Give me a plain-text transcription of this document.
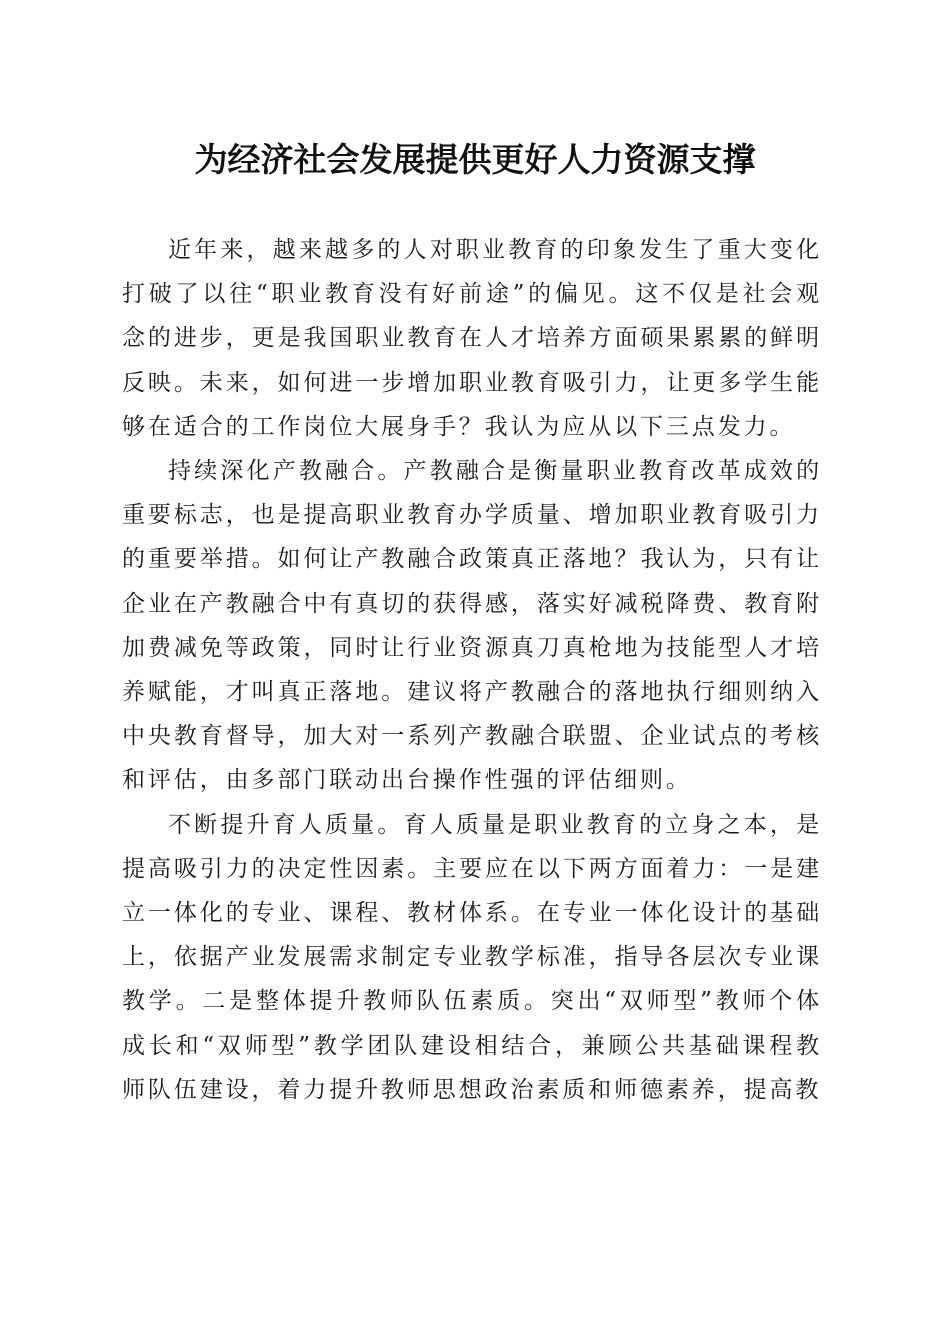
为经济社会发展提供更好人力资源支撑

近年来，越来越多的人对职业教育的印象发生了重大变化打破了以往“职业教育没有好前途”的偏见。这不仅是社会观念的进步，更是我国职业教育在人才培养方面硕果累累的鲜明反映。未来，如何进一步增加职业教育吸引力，让更多学生能够在适合的工作岗位大展身手？我认为应从以下三点发力。

持续深化产教融合。产教融合是衡量职业教育改革成效的重要标志，也是提高职业教育办学质量、增加职业教育吸引力的重要举措。如何让产教融合政策真正落地？我认为，只有让企业在产教融合中有真切的获得感，落实好减税降费、教育附加费减免等政策，同时让行业资源真刀真枪地为技能型人才培养赋能，才叫真正落地。建议将产教融合的落地执行细则纳入中央教育督导，加大对一系列产教融合联盟、企业试点的考核和评估，由多部门联动出台操作性强的评估细则。

不断提升育人质量。育人质量是职业教育的立身之本，是提高吸引力的决定性因素。主要应在以下两方面着力：一是建立一体化的专业、课程、教材体系。在专业一体化设计的基础上，依据产业发展需求制定专业教学标准，指导各层次专业课教学。二是整体提升教师队伍素质。突出“双师型”教师个体成长和“双师型”教学团队建设相结合，兼顾公共基础课程教师队伍建设，着力提升教师思想政治素质和师德素养，提高教
